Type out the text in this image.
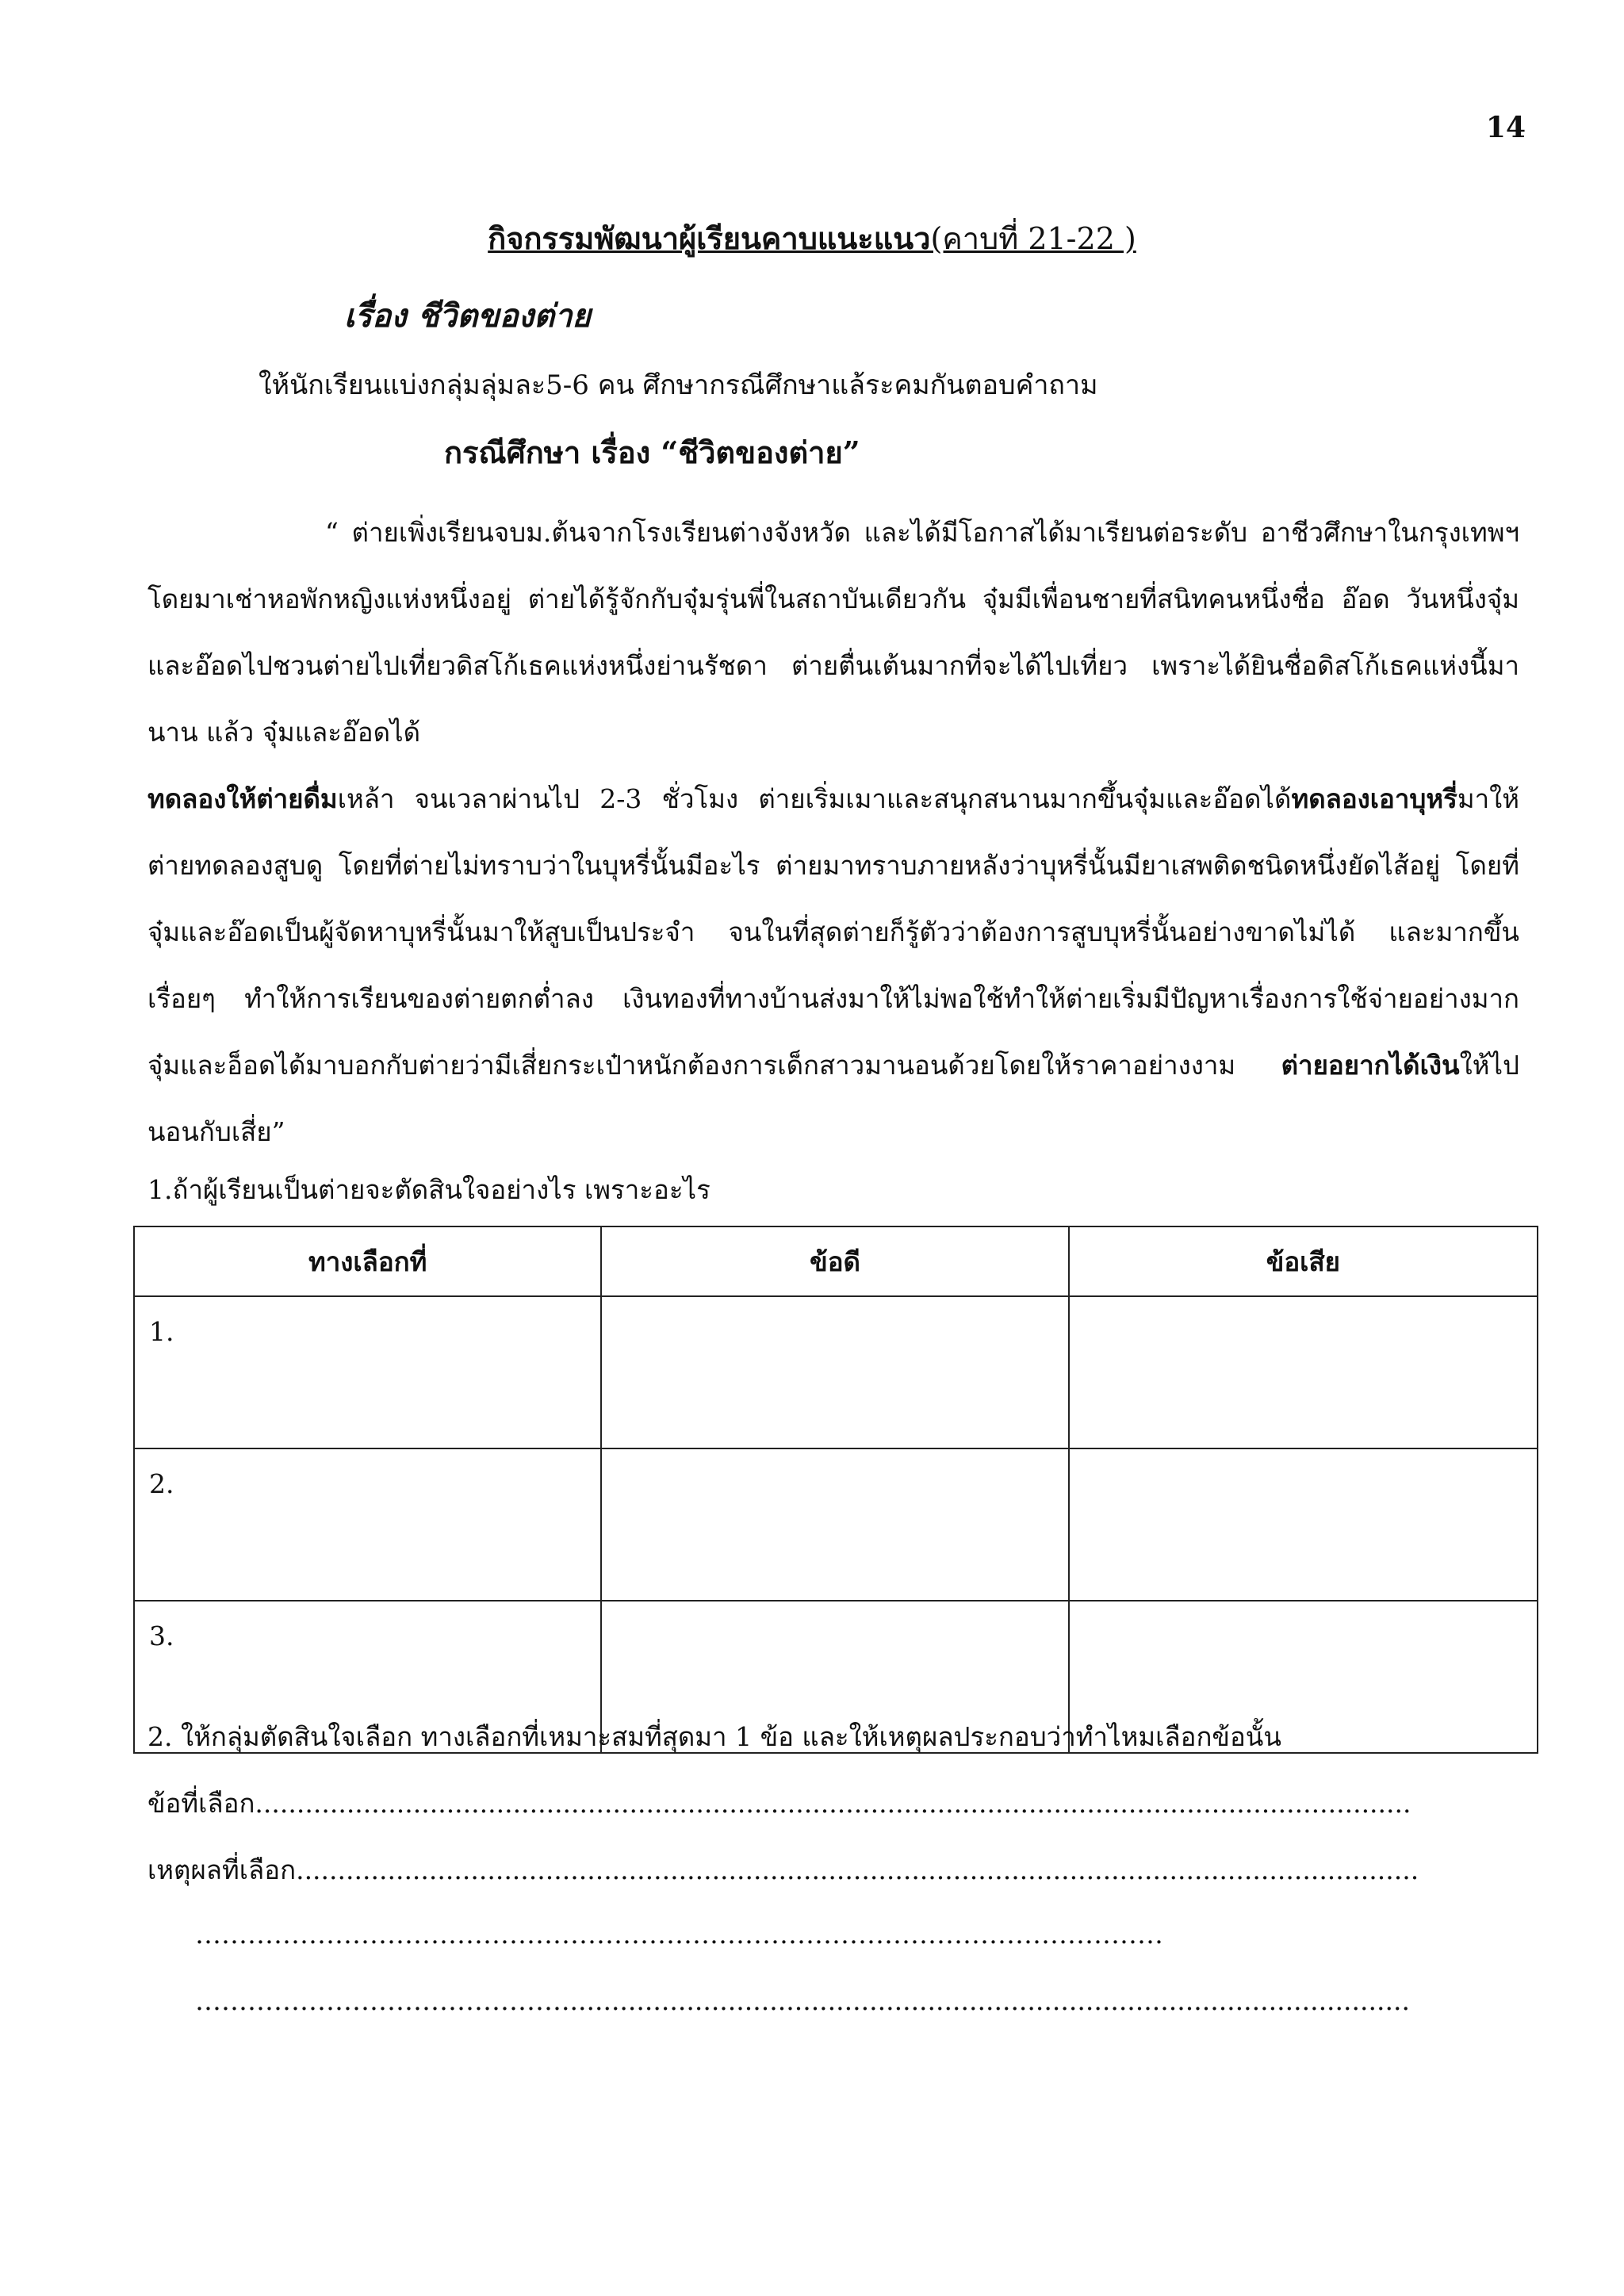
14
กิจกรรมพัฒนาผู้เรียนคาบแนะแนว(คาบที่ 21-22 )
เรื่อง ชีวิตของต่าย
ให้นักเรียนแบ่งกลุ่มลุ่มละ5-6 คน ศึกษากรณีศึกษาแล้ระคมกันตอบคำถาม
กรณีศึกษา เรื่อง “ชีวิตของต่าย”
“ ต่ายเพิ่งเรียนจบม.ต้นจากโรงเรียนต่างจังหวัด และได้มีโอกาสได้มาเรียนต่อระดับ อาชีวศึกษาในกรุงเทพฯ โดยมาเช่าหอพักหญิงแห่งหนึ่งอยู่ ต่ายได้รู้จักกับจุ๋มรุ่นพี่ในสถาบันเดียวกัน จุ๋มมีเพื่อนชายที่สนิทคนหนึ่งชื่อ อ๊อด วันหนึ่งจุ๋มและอ๊อดไปชวนต่ายไปเที่ยวดิสโก้เธคแห่งหนึ่งย่านรัชดา ต่ายตื่นเต้นมากที่จะได้ไปเที่ยว เพราะได้ยินชื่อดิสโก้เธคแห่งนี้มานาน แล้ว จุ๋มและอ๊อดได้ทดลองให้ต่ายดื่มเหล้า จนเวลาผ่านไป 2-3 ชั่วโมง ต่ายเริ่มเมาและสนุกสนานมากขึ้นจุ๋มและอ๊อดได้ทดลองเอาบุหรี่มาให้ต่ายทดลองสูบดู โดยที่ต่ายไม่ทราบว่าในบุหรี่นั้นมีอะไร ต่ายมาทราบภายหลังว่าบุหรี่นั้นมียาเสพติดชนิดหนึ่งยัดไส้อยู่ โดยที่จุ๋มและอ๊อดเป็นผู้จัดหาบุหรี่นั้นมาให้สูบเป็นประจำ จนในที่สุดต่ายก็รู้ตัวว่าต้องการสูบบุหรี่นั้นอย่างขาดไม่ได้ และมากขึ้นเรื่อยๆ ทำให้การเรียนของต่ายตกต่ำลง เงินทองที่ทางบ้านส่งมาให้ไม่พอใช้ทำให้ต่ายเริ่มมีปัญหาเรื่องการใช้จ่ายอย่างมาก จุ๋มและอ็อดได้มาบอกกับต่ายว่ามีเสี่ยกระเป๋าหนักต้องการเด็กสาวมานอนด้วยโดยให้ราคาอย่างงาม ต่ายอยากได้เงินให้ไปนอนกับเสี่ย”
1.ถ้าผู้เรียนเป็นต่ายจะตัดสินใจอย่างไร เพราะอะไร
ทางเลือกที่	ข้อดี	ข้อเสีย
1.		
2.		
3.		
2. ให้กลุ่มตัดสินใจเลือก ทางเลือกที่เหมาะสมที่สุดมา 1 ข้อ และให้เหตุผลประกอบว่าทำไหมเลือกข้อนั้น
ข้อที่เลือก...........................................................................................................................................
เหตุผลที่เลือก.......................................................................................................................................
…………………………………………………………………………………………………
……………………………………......................................................................................................
